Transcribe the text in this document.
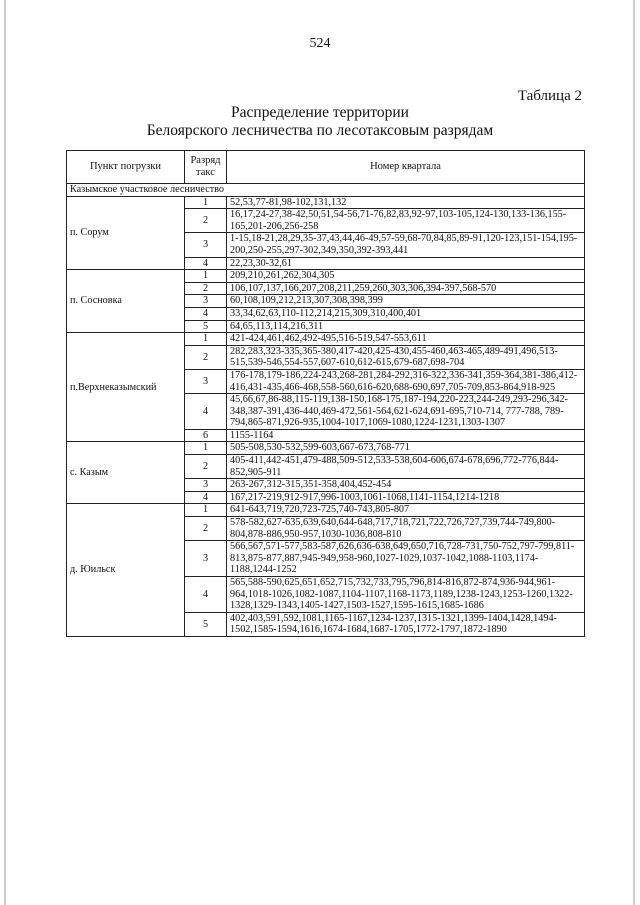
524
Таблица 2
Распределение территории
Белоярского лесничества по лесотаксовым разрядам
Пункт погрузки	Разряд такс	Номер квартала
Казымское участковое лесничество		
п. Сорум	1	52,53,77-81,98-102,131,132
	2	16,17,24-27,38-42,50,51,54-56,71-76,82,83,92-97,103-105,124-130,133-136,155-165,201-206,256-258
	3	1-15,18-21,28,29,35-37,43,44,46-49,57-59,68-70,84,85,89-91,120-123,151-154,195-200,250-255,297-302,349,350,392-393,441
	4	22,23,30-32,61
п. Сосновка	1	209,210,261,262,304,305
	2	106,107,137,166,207,208,211,259,260,303,306,394-397,568-570
	3	60,108,109,212,213,307,308,398,399
	4	33,34,62,63,110-112,214,215,309,310,400,401
	5	64,65,113,114,216,311
п.Верхнеказымский	1	421-424,461,462,492-495,516-519,547-553,611
	2	282,283,323-335,365-380,417-420,425-430,455-460,463-465,489-491,496,513-515,539-546,554-557,607-610,612-615,679-687,698-704
	3	176-178,179-186,224-243,268-281,284-292,316-322,336-341,359-364,381-386,412-416,431-435,466-468,558-560,616-620,688-690,697,705-709,853-864,918-925
	4	45,66,67,86-88,115-119,138-150,168-175,187-194,220-223,244-249,293-296,342-348,387-391,436-440,469-472,561-564,621-624,691-695,710-714, 777-788, 789-794,865-871,926-935,1004-1017,1069-1080,1224-1231,1303-1307
	6	1155-1164
с. Казым	1	505-508,530-532,599-603,667-673,768-771
	2	405-411,442-451,479-488,509-512,533-538,604-606,674-678,696,772-776,844-852,905-911
	3	263-267,312-315,351-358,404,452-454
	4	167,217-219,912-917,996-1003,1061-1068,1141-1154,1214-1218
д. Юильск	1	641-643,719,720,723-725,740-743,805-807
	2	578-582,627-635,639,640,644-648,717,718,721,722,726,727,739,744-749,800-804,878-886,950-957,1030-1036,808-810
	3	566,567,571-577,583-587,626,636-638,649,650,716,728-731,750-752,797-799,811-813,875-877,887,945-949,958-960,1027-1029,1037-1042,1088-1103,1174-1188,1244-1252
	4	565,588-590,625,651,652,715,732,733,795,796,814-816,872-874,936-944,961-964,1018-1026,1082-1087,1104-1107,1168-1173,1189,1238-1243,1253-1260,1322-1328,1329-1343,1405-1427,1503-1527,1595-1615,1685-1686
	5	402,403,591,592,1081,1165-1167,1234-1237,1315-1321,1399-1404,1428,1494-1502,1585-1594,1616,1674-1684,1687-1705,1772-1797,1872-1890
